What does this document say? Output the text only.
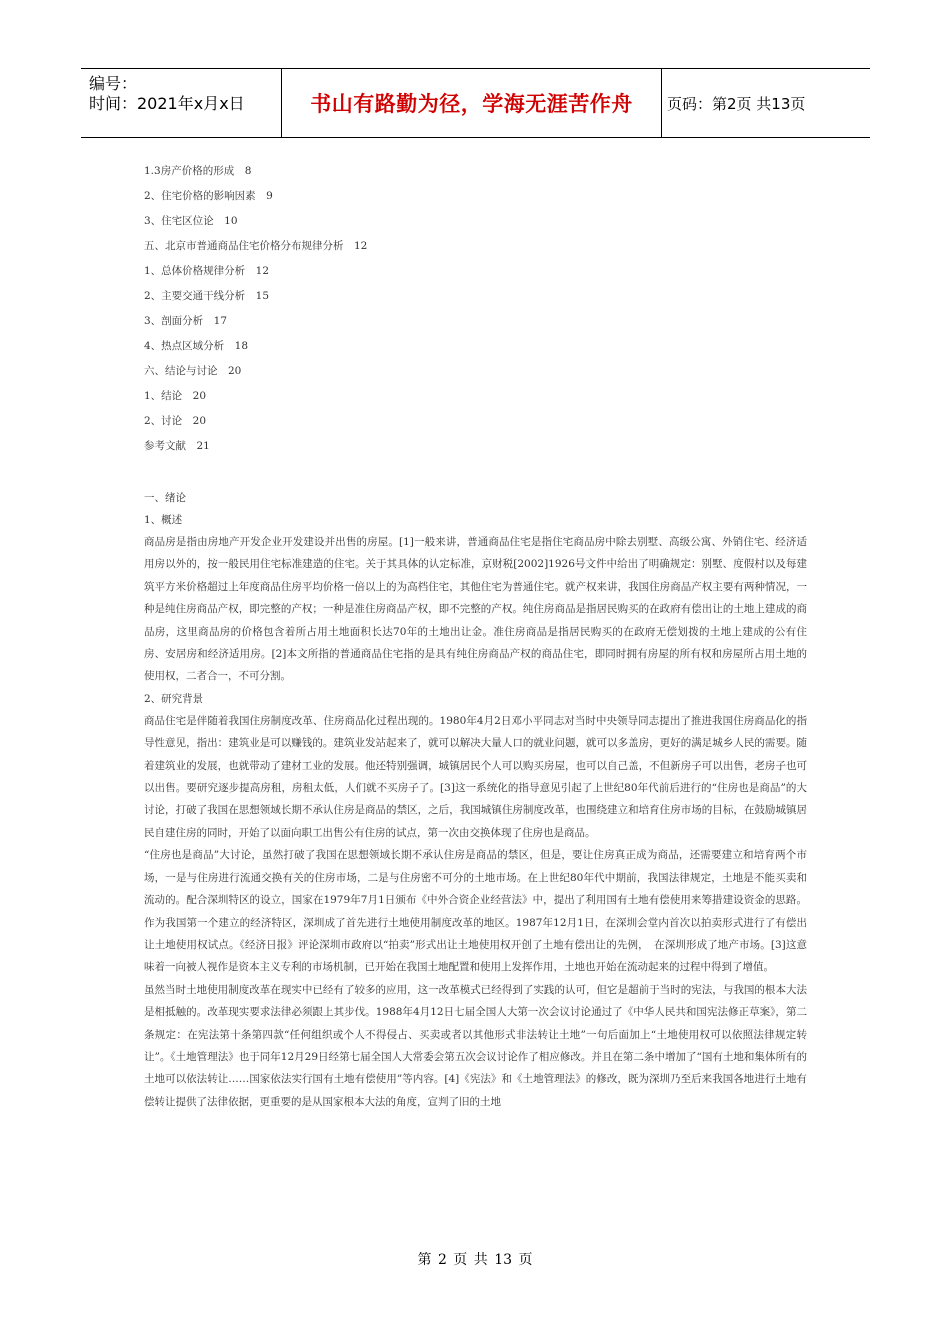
编号：
时间：2021年x月x日	书山有路勤为径，学海无涯苦作舟 页码：第2页 共13页
1.3房产价格的形成　8
2、住宅价格的影响因素　9
3、住宅区位论　10
五、北京市普通商品住宅价格分布规律分析　12
1、总体价格规律分析　12
2、主要交通干线分析　15
3、剖面分析　17
4、热点区域分析　18
六、结论与讨论　20
1、结论　20
2、讨论　20
参考文献　21
一、绪论
1、概述

商品房是指由房地产开发企业开发建设并出售的房屋。[1]一般来讲，普通商品住宅是指住宅商品房中除去别墅、高级公寓、外销住宅、经济适用房以外的，按一般民用住宅标准建造的住宅。关于其具体的认定标准，京财税[2002]1926号文件中给出了明确规定：别墅、度假村以及每建筑平方米价格超过上年度商品住房平均价格一倍以上的为高档住宅，其他住宅为普通住宅。就产权来讲，我国住房商品产权主要有两种情况，一种是纯住房商品产权，即完整的产权；一种是准住房商品产权，即不完整的产权。纯住房商品是指居民购买的在政府有偿出让的土地上建成的商品房，这里商品房的价格包含着所占用土地面积长达70年的土地出让金。准住房商品是指居民购买的在政府无偿划拨的土地上建成的公有住房、安居房和经济适用房。[2]本文所指的普通商品住宅指的是具有纯住房商品产权的商品住宅，即同时拥有房屋的所有权和房屋所占用土地的使用权，二者合一，不可分割。

2、研究背景

商品住宅是伴随着我国住房制度改革、住房商品化过程出现的。1980年4月2日邓小平同志对当时中央领导同志提出了推进我国住房商品化的指导性意见，指出：建筑业是可以赚钱的。建筑业发站起来了，就可以解决大量人口的就业问题，就可以多盖房，更好的满足城乡人民的需要。随着建筑业的发展，也就带动了建材工业的发展。他还特别强调，城镇居民个人可以购买房屋，也可以自己盖，不但新房子可以出售，老房子也可以出售。要研究逐步提高房租，房租太低，人们就不买房子了。[3]这一系统化的指导意见引起了上世纪80年代前后进行的“住房也是商品”的大讨论，打破了我国在思想领域长期不承认住房是商品的禁区，之后，我国城镇住房制度改革，也围绕建立和培育住房市场的目标，在鼓励城镇居民自建住房的同时，开始了以面向职工出售公有住房的试点，第一次由交换体现了住房也是商品。

“住房也是商品”大讨论，虽然打破了我国在思想领域长期不承认住房是商品的禁区，但是，要让住房真正成为商品，还需要建立和培育两个市场，一是与住房进行流通交换有关的住房市场，二是与住房密不可分的土地市场。在上世纪80年代中期前，我国法律规定，土地是不能买卖和流动的。配合深圳特区的设立，国家在1979年7月1日颁布《中外合资企业经营法》中，提出了利用国有土地有偿使用来筹措建设资金的思路。作为我国第一个建立的经济特区，深圳成了首先进行土地使用制度改革的地区。1987年12月1日，在深圳会堂内首次以拍卖形式进行了有偿出让土地使用权试点。《经济日报》评论深圳市政府以“拍卖”形式出让土地使用权开创了土地有偿出让的先例，　在深圳形成了地产市场。[3]这意味着一向被人视作是资本主义专利的市场机制，已开始在我国土地配置和使用上发挥作用，土地也开始在流动起来的过程中得到了增值。

虽然当时土地使用制度改革在现实中已经有了较多的应用，这一改革模式已经得到了实践的认可，但它是超前于当时的宪法，与我国的根本大法是相抵触的。改革现实要求法律必须跟上其步伐。1988年4月12日七届全国人大第一次会议讨论通过了《中华人民共和国宪法修正草案》，第二条规定：在宪法第十条第四款“任何组织或个人不得侵占、买卖或者以其他形式非法转让土地”一句后面加上“土地使用权可以依照法律规定转让”。《土地管理法》也于同年12月29日经第七届全国人大常委会第五次会议讨论作了相应修改。并且在第二条中增加了“国有土地和集体所有的土地可以依法转让……国家依法实行国有土地有偿使用”等内容。[4]《宪法》和《土地管理法》的修改，既为深圳乃至后来我国各地进行土地有偿转让提供了法律依据，更重要的是从国家根本大法的角度，宣判了旧的土地

第 2 页 共 13 页
